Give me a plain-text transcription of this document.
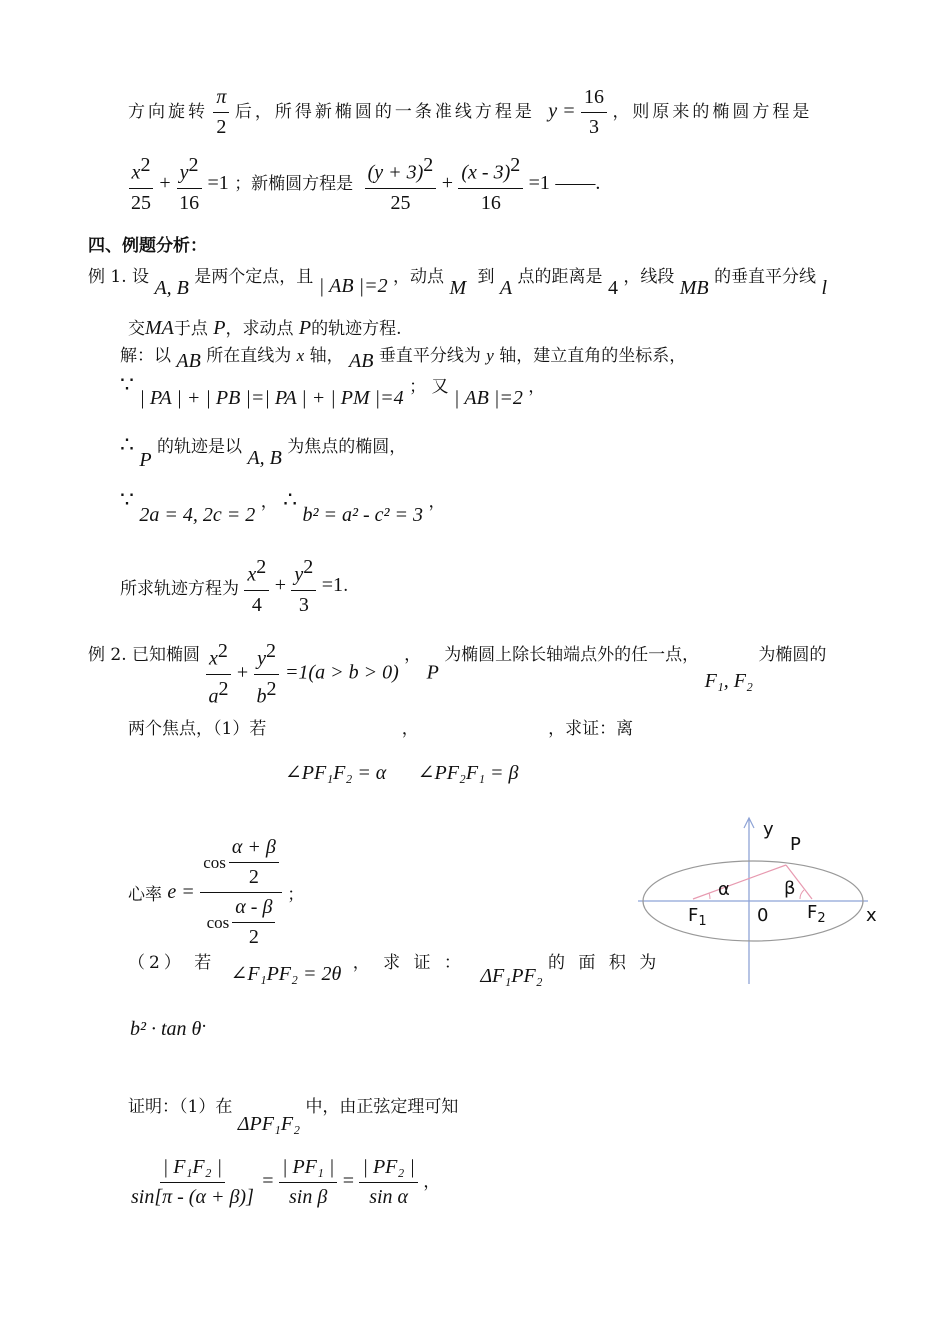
方向旋转 $\frac{\pi}{2}$ 后，所得新椭圆的一条准线方程是 $y = \frac{16}{3}$ ，则原来的椭圆方程是
$\frac{x^2}{25} + \frac{y^2}{16} =1$ ；新椭圆方程是 $\frac{(y + 3)^2}{25} + \frac{(x - 3)^2}{16} =1$ ——.
四、例题分析：
例 1. 设 A, B 是两个定点，且 | AB |=2 ，动点 M 到 A 点的距离是 4 ，线段 MB 的垂直平分线 l
交MA于点 P，求动点 P的轨迹方程.
解：以 AB 所在直线为 x 轴， AB 垂直平分线为 y 轴，建立直角的坐标系，
∵ | PA | + | PB |=| PA | + | PM |=4 ； 又 | AB |=2 ，
∴ P 的轨迹是以 A, B 为焦点的椭圆，
∵ 2a = 4, 2c = 2 ， ∴ b² = a² - c² = 3 ，
所求轨迹方程为 $\frac{x^2}{4} + \frac{y^2}{3} =1$.
例 2. 已知椭圆 $\frac{x^2}{a^2} + \frac{y^2}{b^2} =1(a > b > 0)$ ， P 为椭圆上除长轴端点外的任一点， F₁, F₂ 为椭圆的
两个焦点，（1）若	，	，求证：离
∠PF₁F₂ = α ∠PF₂F₁ = β
心率 $e = \frac{\cos \frac{\alpha + \beta}{2}}{\cos \frac{\alpha - \beta}{2}}$ ；
（2） 若 ∠F₁PF₂ = 2θ ， 求 证 ： ΔF₁PF₂ 的 面 积 为
b² · tan θ.
证明：（1）在 ΔPF₁F₂ 中，由正弦定理可知
$\frac{\text{| F₁F₂ |}}{\sin[\pi - (\alpha + \beta)]} = \frac{\text{| PF₁ |}}{\text{sin β}} = \frac{\text{| PF₂ |}}{\text{sin α}}$ ，
y
P
α	β
$F_1$	0 $F_2$ x
